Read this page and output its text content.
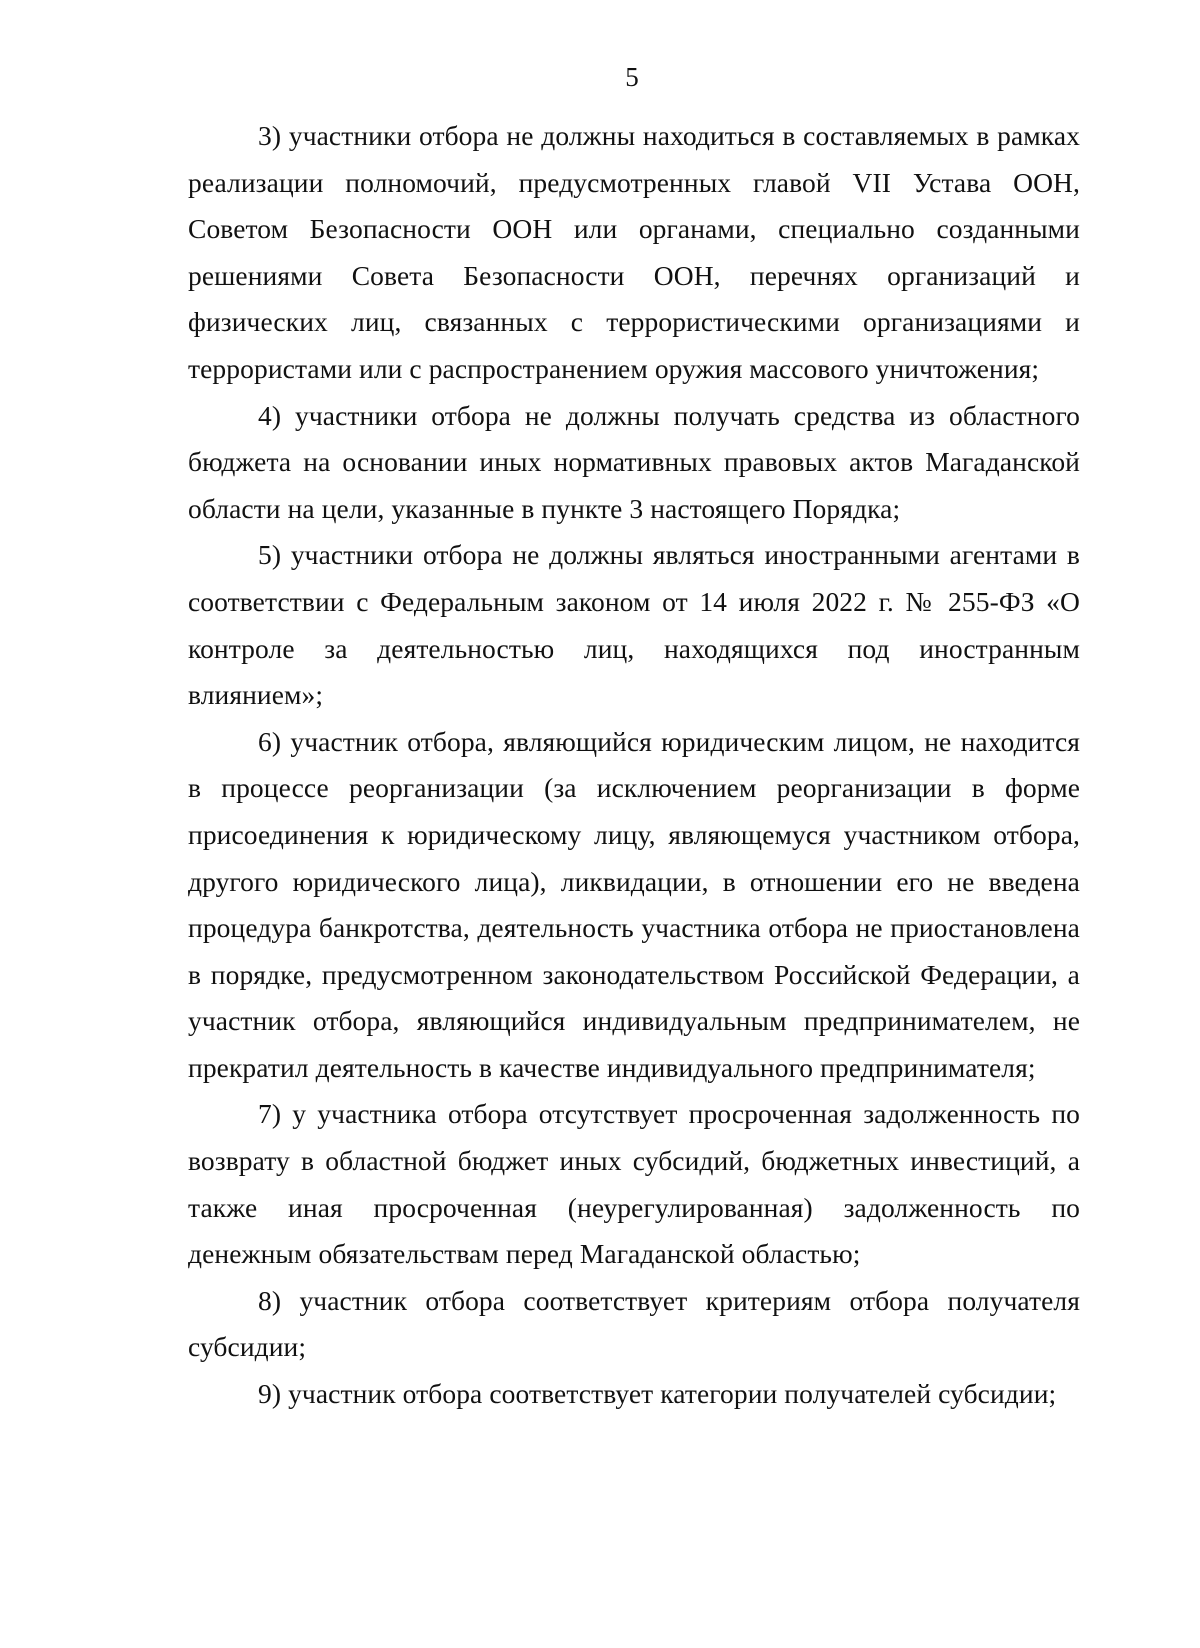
5

3) участники отбора не должны находиться в составляемых в рамках реализации полномочий, предусмотренных главой VII Устава ООН, Советом Безопасности ООН или органами, специально созданными решениями Совета Безопасности ООН, перечнях организаций и физических лиц, связанных с террористическими организациями и террористами или с распространением оружия массового уничтожения;

4) участники отбора не должны получать средства из областного бюджета на основании иных нормативных правовых актов Магаданской области на цели, указанные в пункте 3 настоящего Порядка;

5) участники отбора не должны являться иностранными агентами в соответствии с Федеральным законом от 14 июля 2022 г. № 255-ФЗ «О контроле за деятельностью лиц, находящихся под иностранным влиянием»;

6) участник отбора, являющийся юридическим лицом, не находится в процессе реорганизации (за исключением реорганизации в форме присоединения к юридическому лицу, являющемуся участником отбора, другого юридического лица), ликвидации, в отношении его не введена процедура банкротства, деятельность участника отбора не приостановлена в порядке, предусмотренном законодательством Российской Федерации, а участник отбора, являющийся индивидуальным предпринимателем, не прекратил деятельность в качестве индивидуального предпринимателя;

7) у участника отбора отсутствует просроченная задолженность по возврату в областной бюджет иных субсидий, бюджетных инвестиций, а также иная просроченная (неурегулированная) задолженность по денежным обязательствам перед Магаданской областью;

8) участник отбора соответствует критериям отбора получателя субсидии;

9) участник отбора соответствует категории получателей субсидии;
